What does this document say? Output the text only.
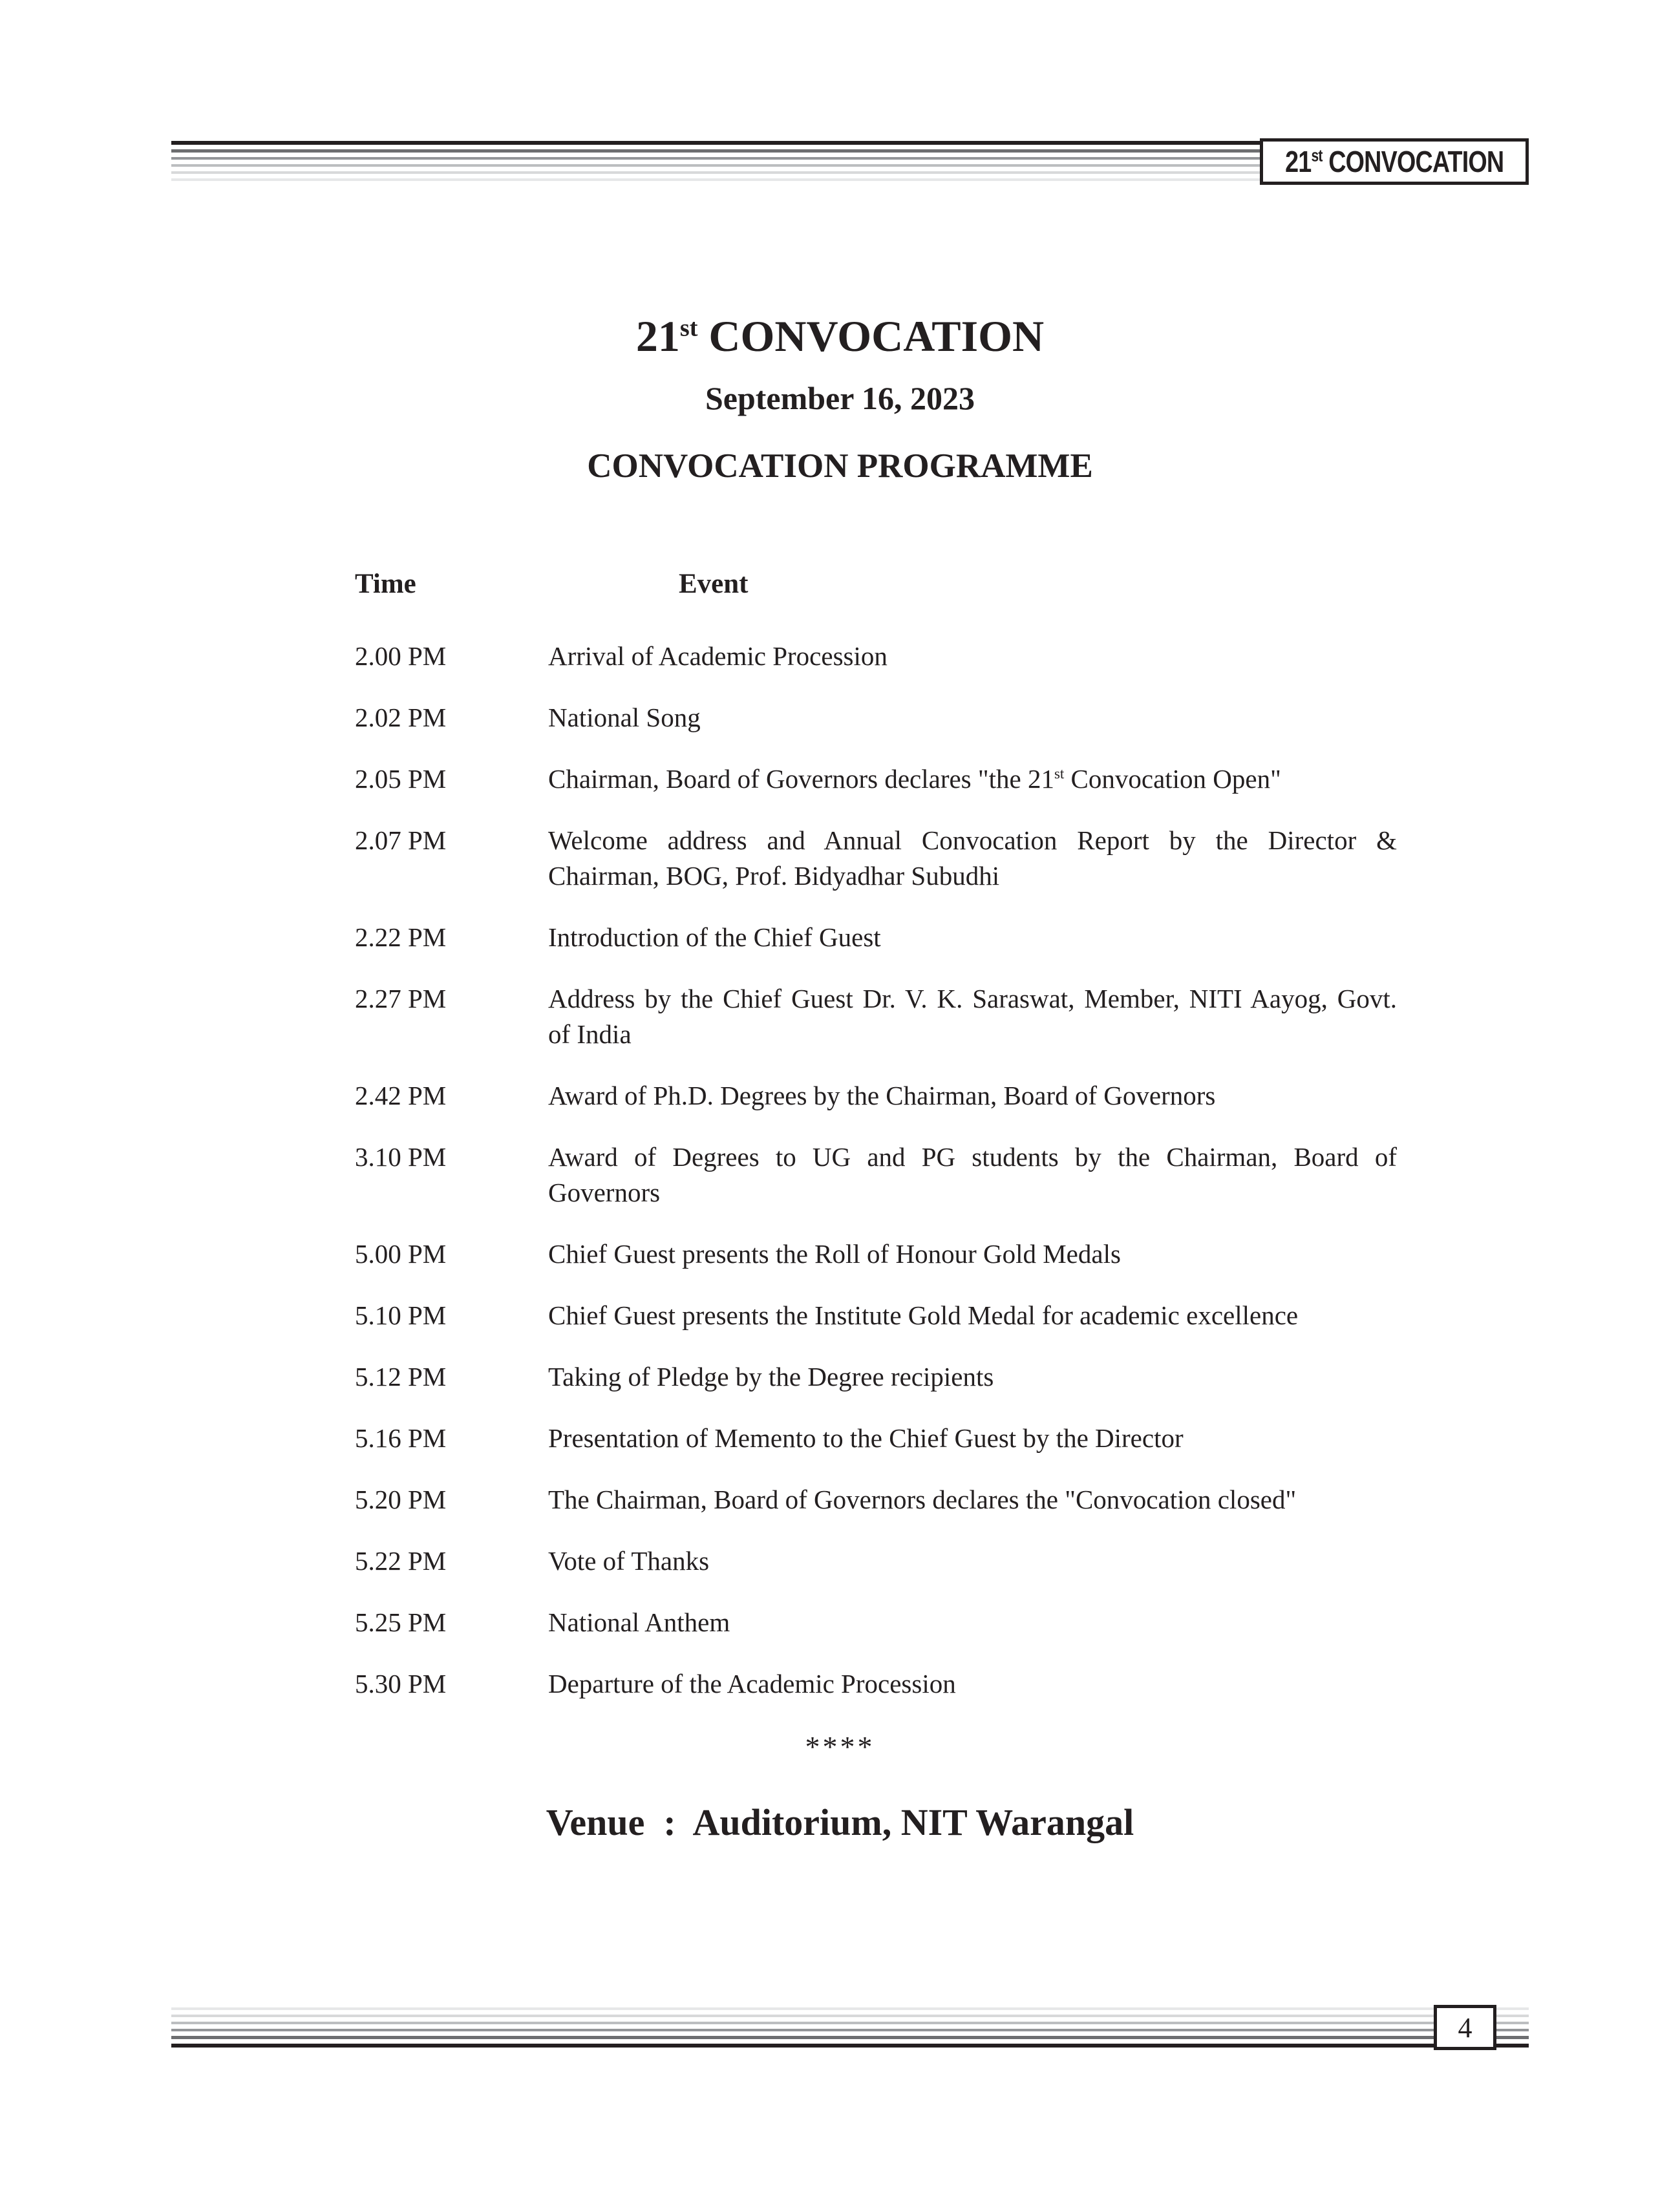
21st CONVOCATION
21st CONVOCATION
September 16, 2023
CONVOCATION PROGRAMME
Time	Event
2.00 PM	Arrival of Academic Procession
2.02 PM	National Song
2.05 PM	Chairman, Board of Governors declares "the 21st Convocation Open"
2.07 PM	Welcome address and Annual Convocation Report by the Director &
Chairman, BOG, Prof. Bidyadhar Subudhi
2.22 PM	Introduction of the Chief Guest
2.27 PM	Address by the Chief Guest Dr. V. K. Saraswat, Member, NITI Aayog, Govt.
of India
2.42 PM	Award of Ph.D. Degrees by the Chairman, Board of Governors
3.10 PM	Award of Degrees to UG and PG students by the Chairman, Board of
Governors
5.00 PM	Chief Guest presents the Roll of Honour Gold Medals
5.10 PM	Chief Guest presents the Institute Gold Medal for academic excellence
5.12 PM	Taking of Pledge by the Degree recipients
5.16 PM	Presentation of Memento to the Chief Guest by the Director
5.20 PM	The Chairman, Board of Governors declares the "Convocation closed"
5.22 PM	Vote of Thanks
5.25 PM	National Anthem
5.30 PM	Departure of the Academic Procession
****
Venue  :  Auditorium, NIT Warangal
4
